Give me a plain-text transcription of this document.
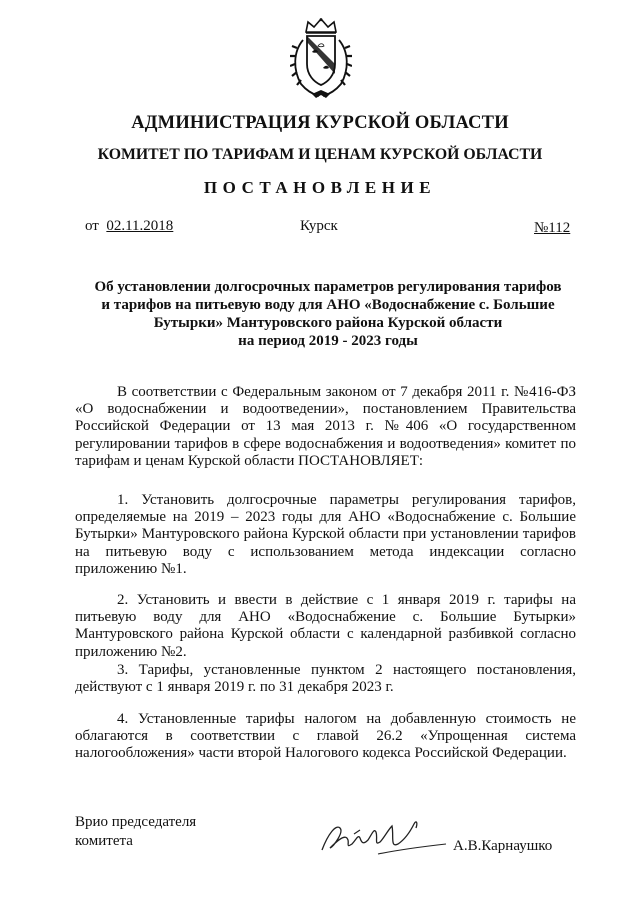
АДМИНИСТРАЦИЯ КУРСКОЙ ОБЛАСТИ
КОМИТЕТ ПО ТАРИФАМ И ЦЕНАМ КУРСКОЙ ОБЛАСТИ
ПОСТАНОВЛЕНИЕ
от 02.11.2018	Курск	№112
Об установлении долгосрочных параметров регулирования тарифов
и тарифов на питьевую воду для АНО «Водоснабжение с. Большие
Бутырки» Мантуровского района Курской области
на период 2019 - 2023 годы

В соответствии с Федеральным законом от 7 декабря 2011 г. №416-ФЗ «О водоснабжении и водоотведении», постановлением Правительства Российской Федерации от 13 мая 2013 г. №406 «О государственном регулировании тарифов в сфере водоснабжения и водоотведения» комитет по тарифам и ценам Курской области ПОСТАНОВЛЯЕТ:

1. Установить долгосрочные параметры регулирования тарифов, определяемые на 2019 – 2023 годы для АНО «Водоснабжение с. Большие Бутырки» Мантуровского района Курской области при установлении тарифов на питьевую воду с использованием метода индексации согласно приложению №1.

2. Установить и ввести в действие с 1 января 2019 г. тарифы на питьевую воду для АНО «Водоснабжение с. Большие Бутырки» Мантуровского района Курской области с календарной разбивкой согласно приложению №2.

3. Тарифы, установленные пунктом 2 настоящего постановления, действуют с 1 января 2019 г. по 31 декабря 2023 г.

4. Установленные тарифы налогом на добавленную стоимость не облагаются в соответствии с главой 26.2 «Упрощенная система налогообложения» части второй Налогового кодекса Российской Федерации.

Врио председателя
комитета	А.В.Карнаушко
